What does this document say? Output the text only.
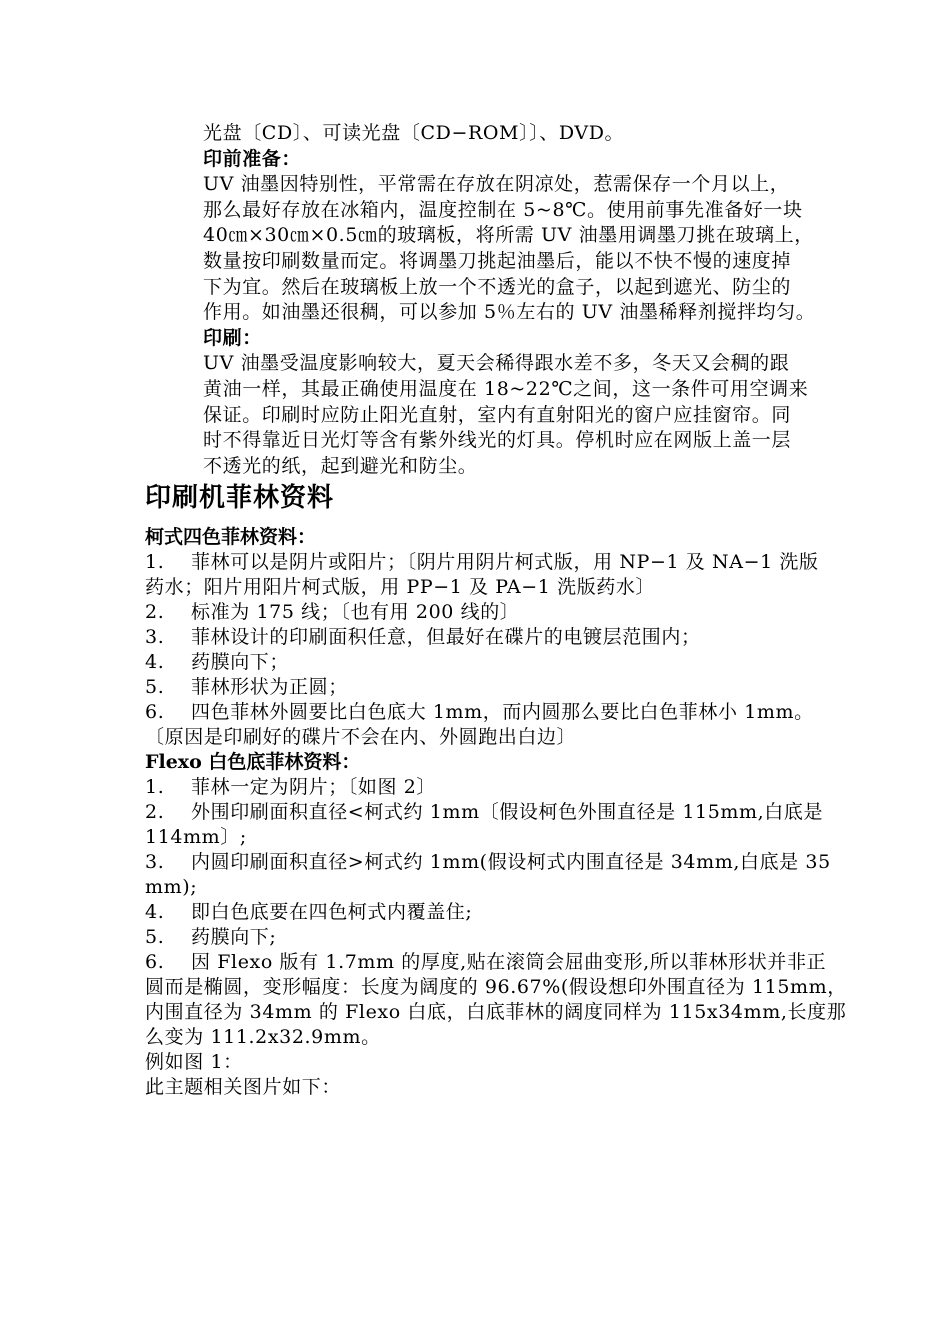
光盘〔CD〕、可读光盘〔CD−ROM〕〕、DVD。
印前准备：
UV 油墨因特别性，平常需在存放在阴凉处，惹需保存一个月以上，
那么最好存放在冰箱内，温度控制在 5~8℃。使用前事先准备好一块
40㎝×30㎝×0.5㎝的玻璃板，将所需 UV 油墨用调墨刀挑在玻璃上，
数量按印刷数量而定。将调墨刀挑起油墨后，能以不快不慢的速度掉
下为宜。然后在玻璃板上放一个不透光的盒子，以起到遮光、防尘的
作用。如油墨还很稠，可以参加 5％左右的 UV 油墨稀释剂搅拌均匀。
印刷：
UV 油墨受温度影响较大，夏天会稀得跟水差不多，冬天又会稠的跟
黄油一样，其最正确使用温度在 18~22℃之间，这一条件可用空调来
保证。印刷时应防止阳光直射，室内有直射阳光的窗户应挂窗帘。同
时不得靠近日光灯等含有紫外线光的灯具。停机时应在网版上盖一层
不透光的纸，起到避光和防尘。
印刷机菲林资料
柯式四色菲林资料：
1. 菲林可以是阴片或阳片；〔阴片用阴片柯式版，用 NP−1 及 NA−1 洗版
药水；阳片用阳片柯式版，用 PP−1 及 PA−1 洗版药水〕
2. 标准为 175 线；〔也有用 200 线的〕
3. 菲林设计的印刷面积任意，但最好在碟片的电镀层范围内；
4. 药膜向下；
5. 菲林形状为正圆；
6. 四色菲林外圆要比白色底大 1mm，而内圆那么要比白色菲林小 1mm。
〔原因是印刷好的碟片不会在内、外圆跑出白边〕
Flexo 白色底菲林资料：
1. 菲林一定为阴片；〔如图 2〕
2. 外围印刷面积直径<柯式约 1mm〔假设柯色外围直径是 115mm,白底是
114mm〕;
3. 内圆印刷面积直径>柯式约 1mm(假设柯式内围直径是 34mm,白底是 35
mm);
4. 即白色底要在四色柯式内覆盖住;
5. 药膜向下;
6. 因 Flexo 版有 1.7mm 的厚度,贴在滚筒会屈曲变形,所以菲林形状并非正
圆而是椭圆，变形幅度：长度为阔度的 96.67%(假设想印外围直径为 115mm，
内围直径为 34mm 的 Flexo 白底，白底菲林的阔度同样为 115x34mm,长度那
么变为 111.2x32.9mm。
例如图 1：
此主题相关图片如下：
